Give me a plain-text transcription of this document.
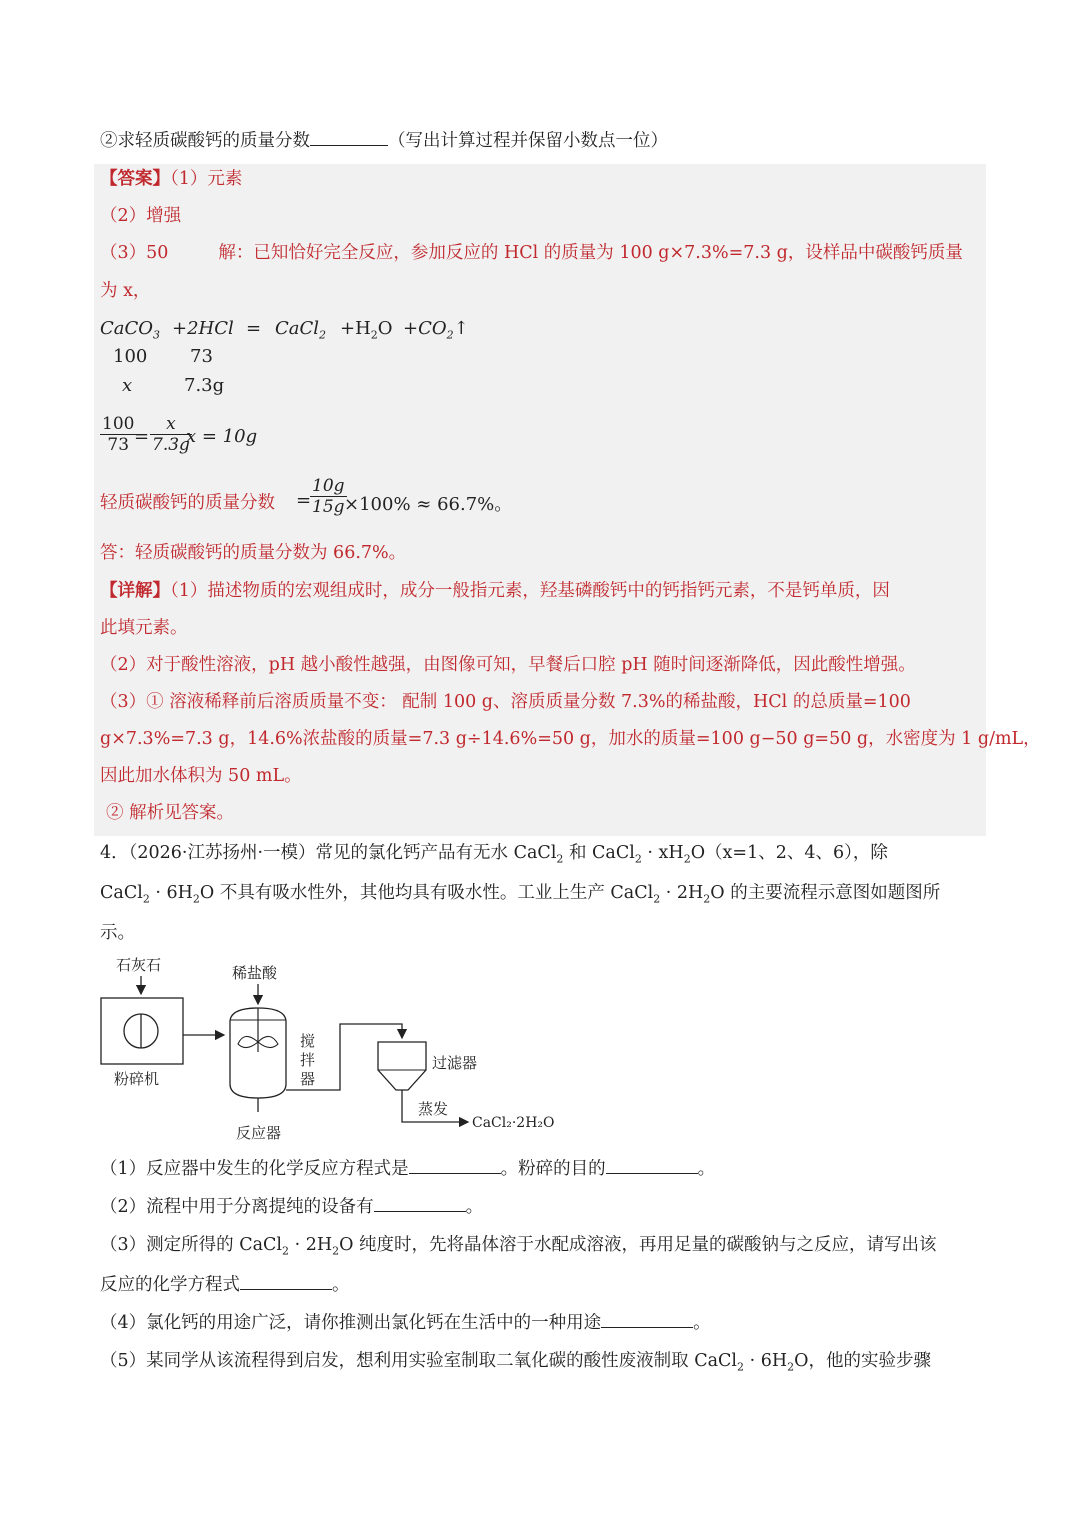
②求轻质碳酸钙的质量分数	（写出计算过程并保留小数点一位）
【答案】（1）元素
（2）增强
（3）50	解：已知恰好完全反应，参加反应的 HCl 的质量为 100 g×7.3%=7.3 g，设样品中碳酸钙质量
为 x，
CaCO$_3$ +2HCl = CaCl$_2$ $+H_2O$ $+CO_2↑$
100 73
x	7.3g
$\frac{100}{73}$
= $\frac{x}{7.3g}$
x = 10g
轻质碳酸钙的质量分数 =
$\frac{10g}{15g}$
×100% ≈ 66.7%。
答：轻质碳酸钙的质量分数为 66.7%。
【详解】（1）描述物质的宏观组成时，成分一般指元素，羟基磷酸钙中的钙指钙元素，不是钙单质，因
此填元素。
（2）对于酸性溶液，pH 越小酸性越强，由图像可知，早餐后口腔 pH 随时间逐渐降低，因此酸性增强。
（3）① 溶液稀释前后溶质质量不变： 配制 100 g、溶质质量分数 7.3%的稀盐酸，HCl 的总质量=100
g×7.3%=7.3 g，14.6%浓盐酸的质量=7.3 g÷14.6%=50 g，加水的质量=100 g−50 g=50 g，水密度为 1 g/mL，
因此加水体积为 50 mL。
② 解析见答案。
4．（2026·江苏扬州·一模）常见的氯化钙产品有无水 CaCl$_2$ 和 CaCl$_2$ · $xH_2O(x=1$、2、4、6），除
CaCl$_2$ · $6H_2O$ 不具有吸水性外，其他均具有吸水性。工业上生产 CaCl$_2$ · $2H_2O$ 的主要流程示意图如题图所
示。
石灰石
粉碎机
稀盐酸
反应器
搅
拌
器
过滤器
蒸发
CaCl₂·2H₂O
（1）反应器中发生的化学反应方程式是	。粉碎的目的	。
（2）流程中用于分离提纯的设备有	。
（3）测定所得的 CaCl$_2$ · $2H_2O$ 纯度时，先将晶体溶于水配成溶液，再用足量的碳酸钠与之反应，请写出该
反应的化学方程式	。
（4）氯化钙的用途广泛，请你推测出氯化钙在生活中的一种用途	。
（5）某同学从该流程得到启发，想利用实验室制取二氧化碳的酸性废液制取 CaCl$_2$ · $6H_2O$，他的实验步骤
